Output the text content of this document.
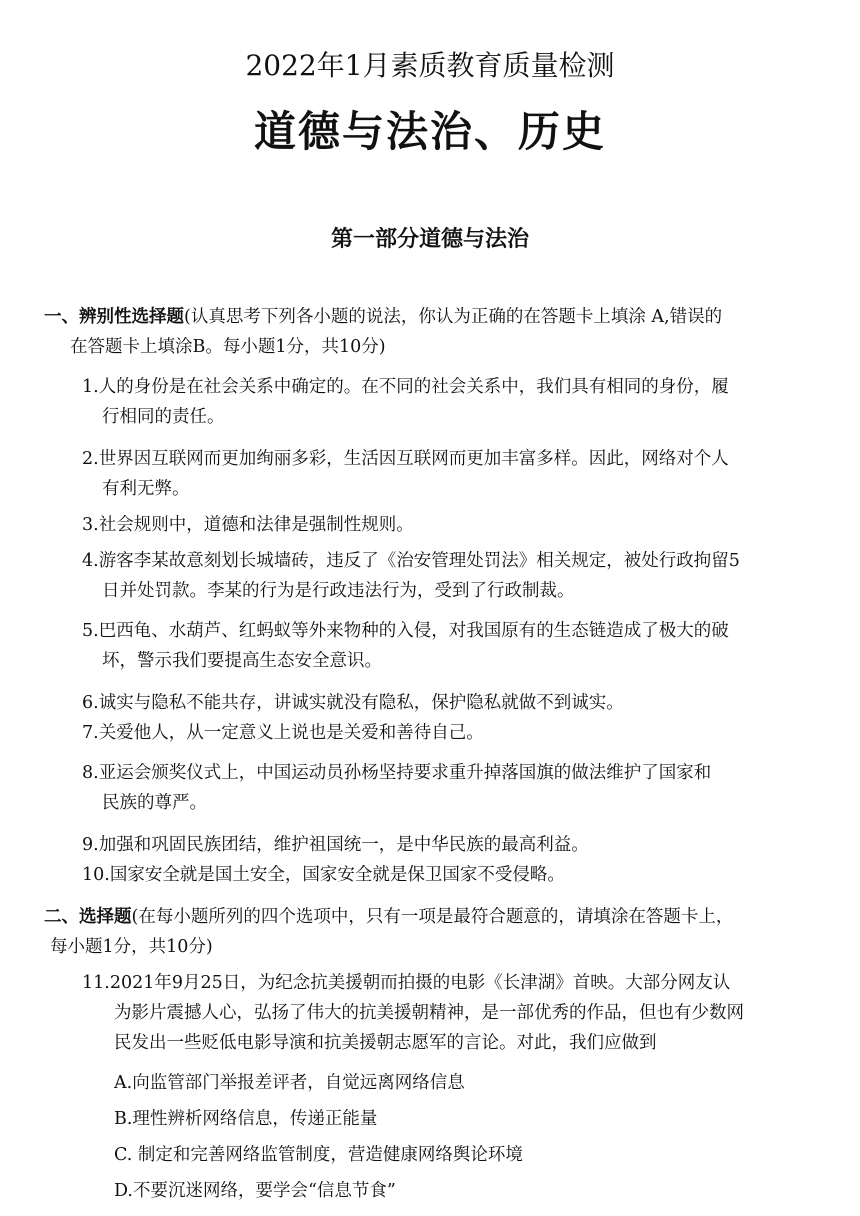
2022年1月素质教育质量检测
道德与法治、历史
第一部分道德与法治
一、辨别性选择题(认真思考下列各小题的说法，你认为正确的在答题卡上填涂 A,错误的
在答题卡上填涂B。每小题1分，共10分)
1.人的身份是在社会关系中确定的。在不同的社会关系中，我们具有相同的身份，履
行相同的责任。
2.世界因互联网而更加绚丽多彩，生活因互联网而更加丰富多样。因此，网络对个人
有利无弊。
3.社会规则中，道德和法律是强制性规则。
4.游客李某故意刻划长城墙砖，违反了《治安管理处罚法》相关规定，被处行政拘留5
日并处罚款。李某的行为是行政违法行为，受到了行政制裁。
5.巴西龟、水葫芦、红蚂蚁等外来物种的入侵，对我国原有的生态链造成了极大的破
坏，警示我们要提高生态安全意识。
6.诚实与隐私不能共存，讲诚实就没有隐私，保护隐私就做不到诚实。
7.关爱他人，从一定意义上说也是关爱和善待自己。
8.亚运会颁奖仪式上，中国运动员孙杨坚持要求重升掉落国旗的做法维护了国家和
民族的尊严。
9.加强和巩固民族团结，维护祖国统一，是中华民族的最高利益。
10.国家安全就是国土安全，国家安全就是保卫国家不受侵略。
二、选择题(在每小题所列的四个选项中，只有一项是最符合题意的，请填涂在答题卡上，
每小题1分，共10分)
11.2021年9月25日，为纪念抗美援朝而拍摄的电影《长津湖》首映。大部分网友认
为影片震撼人心，弘扬了伟大的抗美援朝精神，是一部优秀的作品，但也有少数网
民发出一些贬低电影导演和抗美援朝志愿军的言论。对此，我们应做到
A.向监管部门举报差评者，自觉远离网络信息
B.理性辨析网络信息，传递正能量
C. 制定和完善网络监管制度，营造健康网络舆论环境
D.不要沉迷网络，要学会“信息节食”
